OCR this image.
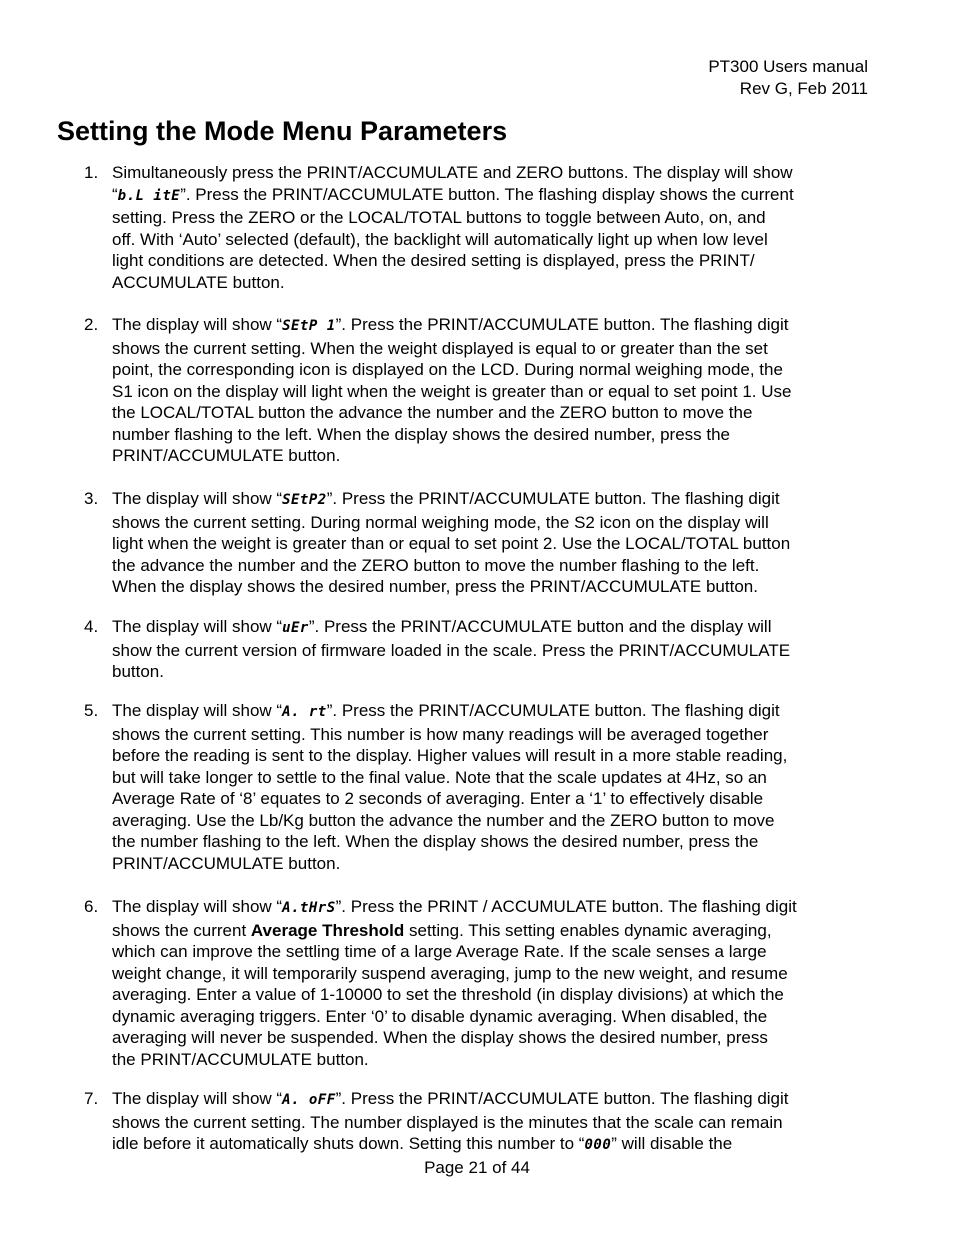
PT300 Users manual
Rev G, Feb 2011
Setting the Mode Menu Parameters
1. Simultaneously press the PRINT/ACCUMULATE and ZERO buttons. The display will show
“b.L itE”. Press the PRINT/ACCUMULATE button. The flashing display shows the current
setting. Press the ZERO or the LOCAL/TOTAL buttons to toggle between Auto, on, and
off. With ‘Auto’ selected (default), the backlight will automatically light up when low level
light conditions are detected. When the desired setting is displayed, press the PRINT/
ACCUMULATE button.
2. The display will show “SEtP 1”. Press the PRINT/ACCUMULATE button. The flashing digit
shows the current setting. When the weight displayed is equal to or greater than the set
point, the corresponding icon is displayed on the LCD. During normal weighing mode, the
S1 icon on the display will light when the weight is greater than or equal to set point 1. Use
the LOCAL/TOTAL button the advance the number and the ZERO button to move the
number flashing to the left. When the display shows the desired number, press the
PRINT/ACCUMULATE button.
3. The display will show “SEtP2”. Press the PRINT/ACCUMULATE button. The flashing digit
shows the current setting. During normal weighing mode, the S2 icon on the display will
light when the weight is greater than or equal to set point 2. Use the LOCAL/TOTAL button
the advance the number and the ZERO button to move the number flashing to the left.
When the display shows the desired number, press the PRINT/ACCUMULATE button.
4. The display will show “uEr”. Press the PRINT/ACCUMULATE button and the display will
show the current version of firmware loaded in the scale. Press the PRINT/ACCUMULATE
button.
5. The display will show “A. rt”. Press the PRINT/ACCUMULATE button. The flashing digit
shows the current setting. This number is how many readings will be averaged together
before the reading is sent to the display. Higher values will result in a more stable reading,
but will take longer to settle to the final value. Note that the scale updates at 4Hz, so an
Average Rate of ‘8’ equates to 2 seconds of averaging. Enter a ‘1’ to effectively disable
averaging. Use the Lb/Kg button the advance the number and the ZERO button to move
the number flashing to the left. When the display shows the desired number, press the
PRINT/ACCUMULATE button.
6. The display will show “A.tHrS”. Press the PRINT / ACCUMULATE button. The flashing digit
shows the current Average Threshold setting. This setting enables dynamic averaging,
which can improve the settling time of a large Average Rate. If the scale senses a large
weight change, it will temporarily suspend averaging, jump to the new weight, and resume
averaging. Enter a value of 1-10000 to set the threshold (in display divisions) at which the
dynamic averaging triggers. Enter ‘0’ to disable dynamic averaging. When disabled, the
averaging will never be suspended. When the display shows the desired number, press
the PRINT/ACCUMULATE button.
7. The display will show “A. oFF”. Press the PRINT/ACCUMULATE button. The flashing digit
shows the current setting. The number displayed is the minutes that the scale can remain
idle before it automatically shuts down. Setting this number to “000” will disable the
Page 21 of 44
